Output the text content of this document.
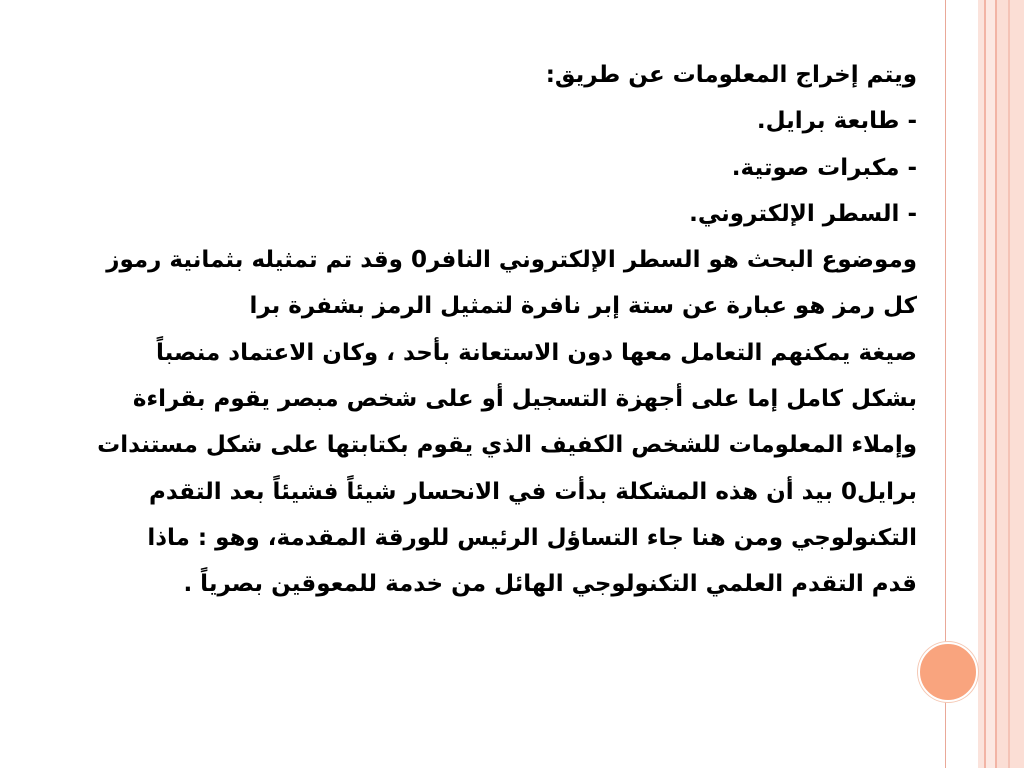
ويتم إخراج المعلومات عن طريق:

- طابعة برايل.

- مكبرات صوتية.

- السطر الإلكتروني.

وموضوع البحث هو السطر الإلكتروني النافر0 وقد تم تمثيله بثمانية رموز كل رمز هو عبارة عن ستة إبر نافرة لتمثيل الرمز بشفرة برا

صيغة يمكنهم التعامل معها دون الاستعانة بأحد ، وكان الاعتماد منصباً بشكل كامل إما على أجهزة التسجيل أو على شخص مبصر يقوم بقراءة وإملاء المعلومات للشخص الكفيف الذي يقوم بكتابتها على شكل مستندات برايل0 بيد أن هذه المشكلة بدأت في الانحسار شيئاً فشيئاً بعد التقدم التكنولوجي ومن هنا جاء التساؤل الرئيس للورقة المقدمة، وهو : ماذا قدم التقدم العلمي التكنولوجي الهائل من خدمة للمعوقين بصرياً .
